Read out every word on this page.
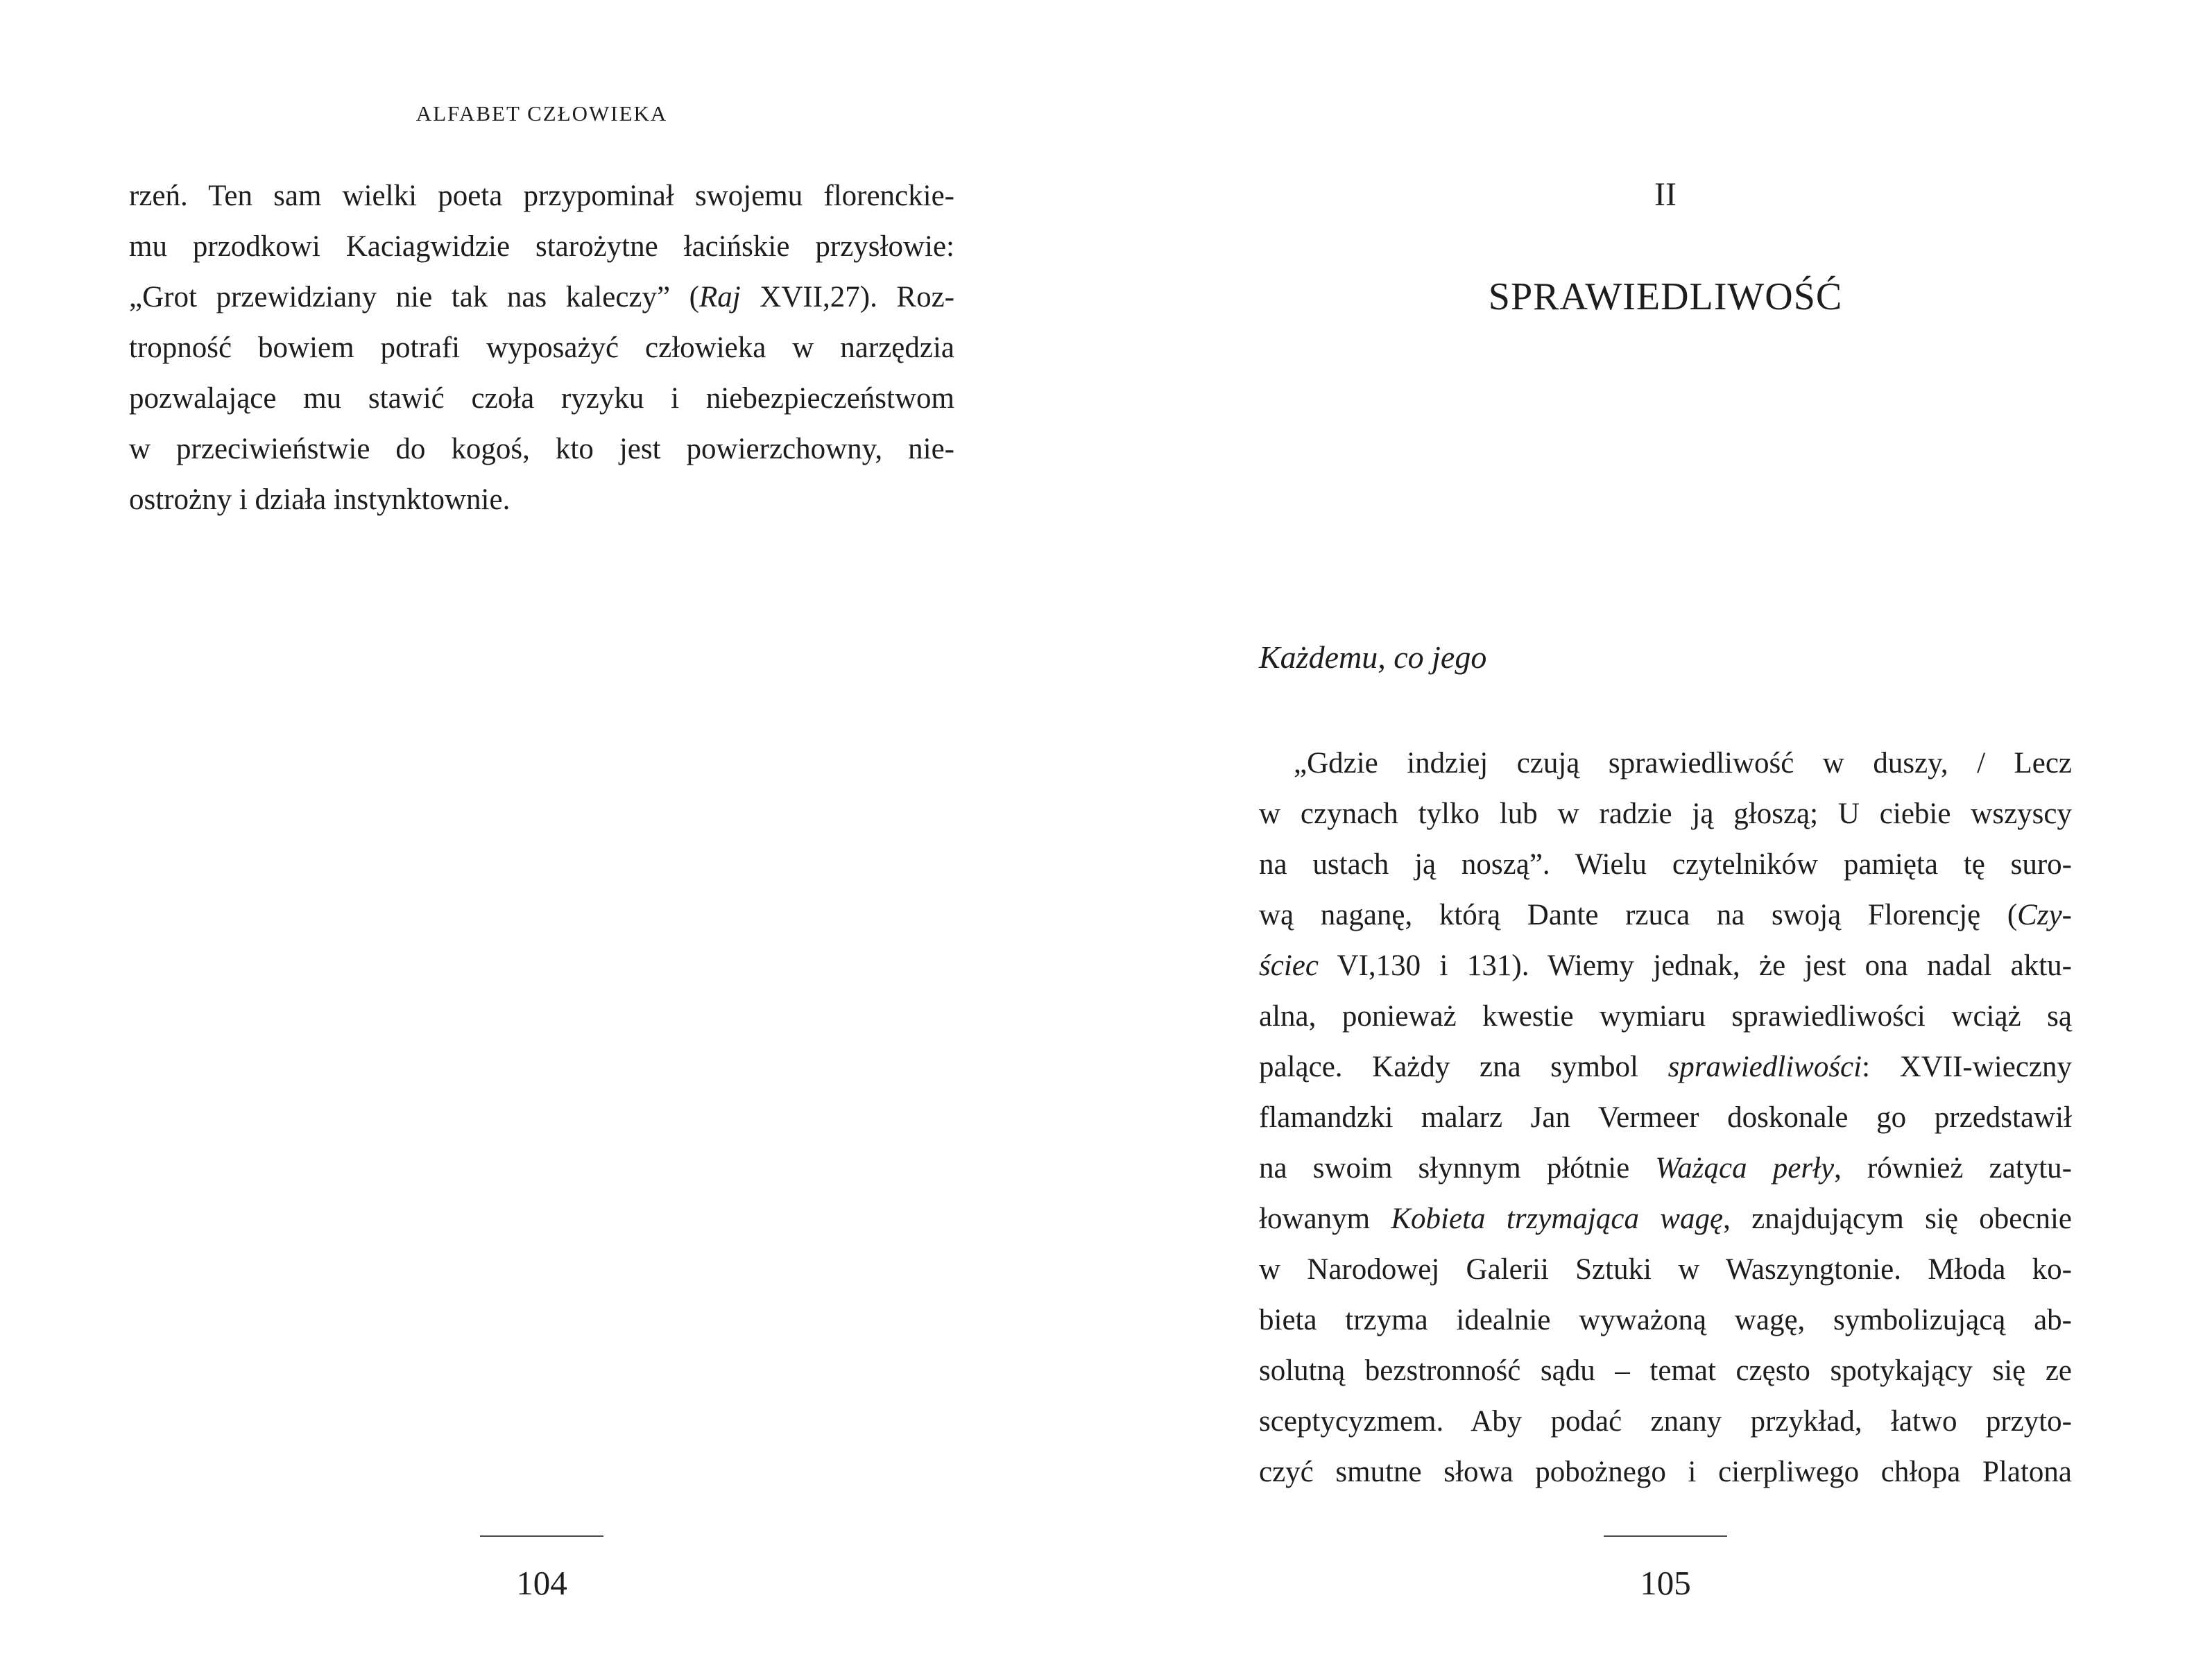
ALFABET CZŁOWIEKA
rzeń. Ten sam wielki poeta przypominał swojemu florenckie-
mu przodkowi Kaciagwidzie starożytne łacińskie przysłowie:
„Grot przewidziany nie tak nas kaleczy” (Raj XVII,27). Roz-
tropność bowiem potrafi wyposażyć człowieka w narzędzia
pozwalające mu stawić czoła ryzyku i niebezpieczeństwom
w przeciwieństwie do kogoś, kto jest powierzchowny, nie-
ostrożny i działa instynktownie.
104
II
SPRAWIEDLIWOŚĆ
Każdemu, co jego
„Gdzie indziej czują sprawiedliwość w duszy, / Lecz
w czynach tylko lub w radzie ją głoszą; U ciebie wszyscy
na ustach ją noszą”. Wielu czytelników pamięta tę suro-
wą naganę, którą Dante rzuca na swoją Florencję (Czy-
ściec VI,130 i 131). Wiemy jednak, że jest ona nadal aktu-
alna, ponieważ kwestie wymiaru sprawiedliwości wciąż są
palące. Każdy zna symbol sprawiedliwości: XVII-wieczny
flamandzki malarz Jan Vermeer doskonale go przedstawił
na swoim słynnym płótnie Ważąca perły, również zatytu-
łowanym Kobieta trzymająca wagę, znajdującym się obecnie
w Narodowej Galerii Sztuki w Waszyngtonie. Młoda ko-
bieta trzyma idealnie wyważoną wagę, symbolizującą ab-
solutną bezstronność sądu – temat często spotykający się ze
sceptycyzmem. Aby podać znany przykład, łatwo przyto-
czyć smutne słowa pobożnego i cierpliwego chłopa Platona
105
